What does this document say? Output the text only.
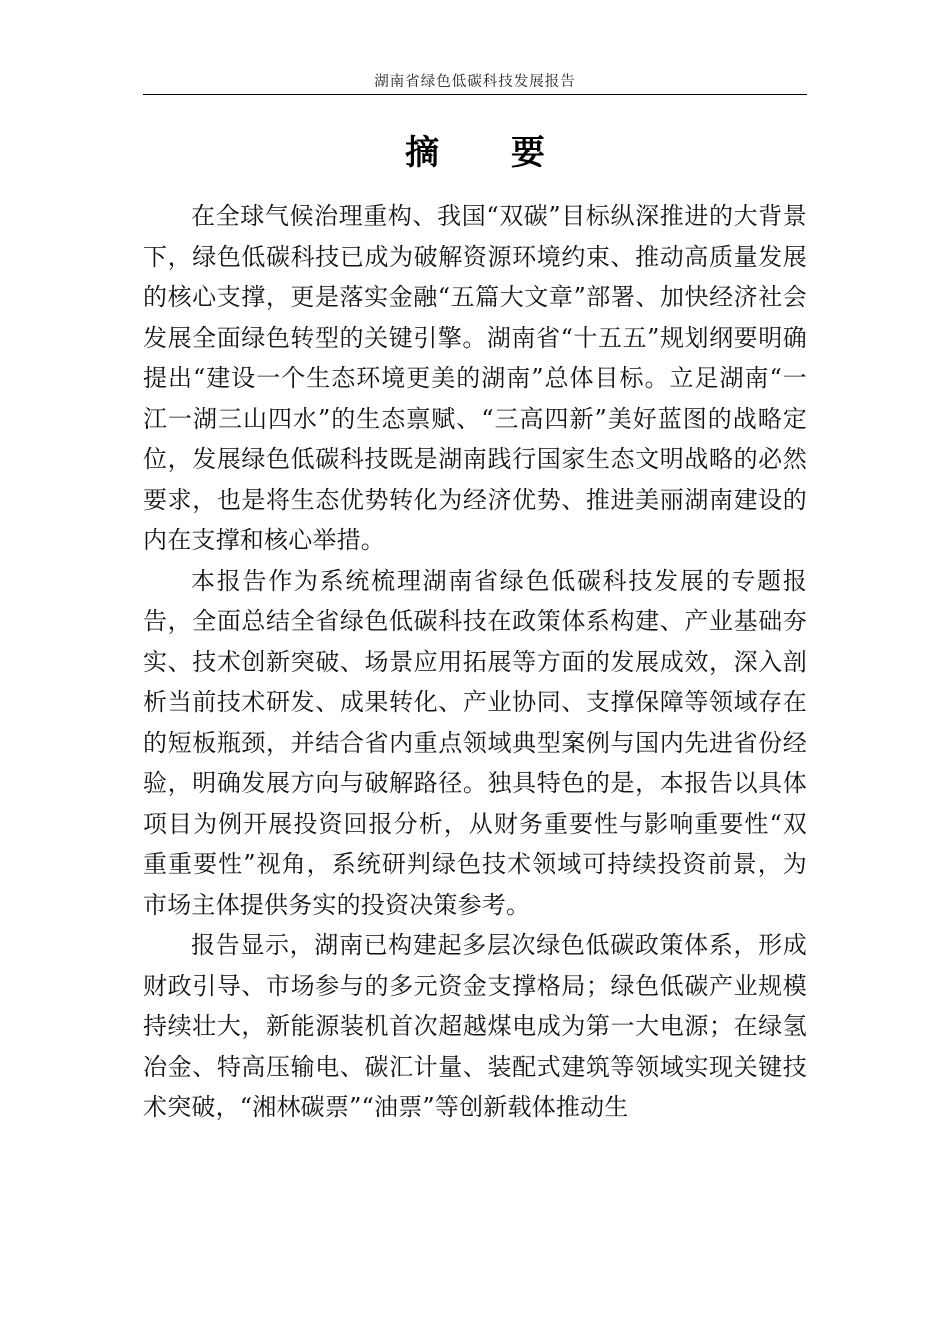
湖南省绿色低碳科技发展报告
摘 要

在全球气候治理重构、我国“双碳”目标纵深推进的大背景下，绿色低碳科技已成为破解资源环境约束、推动高质量发展的核心支撑，更是落实金融“五篇大文章”部署、加快经济社会发展全面绿色转型的关键引擎。湖南省“十五五”规划纲要明确提出“建设一个生态环境更美的湖南”总体目标。立足湖南“一江一湖三山四水”的生态禀赋、“三高四新”美好蓝图的战略定位，发展绿色低碳科技既是湖南践行国家生态文明战略的必然要求，也是将生态优势转化为经济优势、推进美丽湖南建设的内在支撑和核心举措。

本报告作为系统梳理湖南省绿色低碳科技发展的专题报告，全面总结全省绿色低碳科技在政策体系构建、产业基础夯实、技术创新突破、场景应用拓展等方面的发展成效，深入剖析当前技术研发、成果转化、产业协同、支撑保障等领域存在的短板瓶颈，并结合省内重点领域典型案例与国内先进省份经验，明确发展方向与破解路径。独具特色的是，本报告以具体项目为例开展投资回报分析，从财务重要性与影响重要性“双重重要性”视角，系统研判绿色技术领域可持续投资前景，为市场主体提供务实的投资决策参考。

报告显示，湖南已构建起多层次绿色低碳政策体系，形成财政引导、市场参与的多元资金支撑格局；绿色低碳产业规模持续壮大，新能源装机首次超越煤电成为第一大电源；在绿氢冶金、特高压输电、碳汇计量、装配式建筑等领域实现关键技术突破，“湘林碳票”“油票”等创新载体推动生
